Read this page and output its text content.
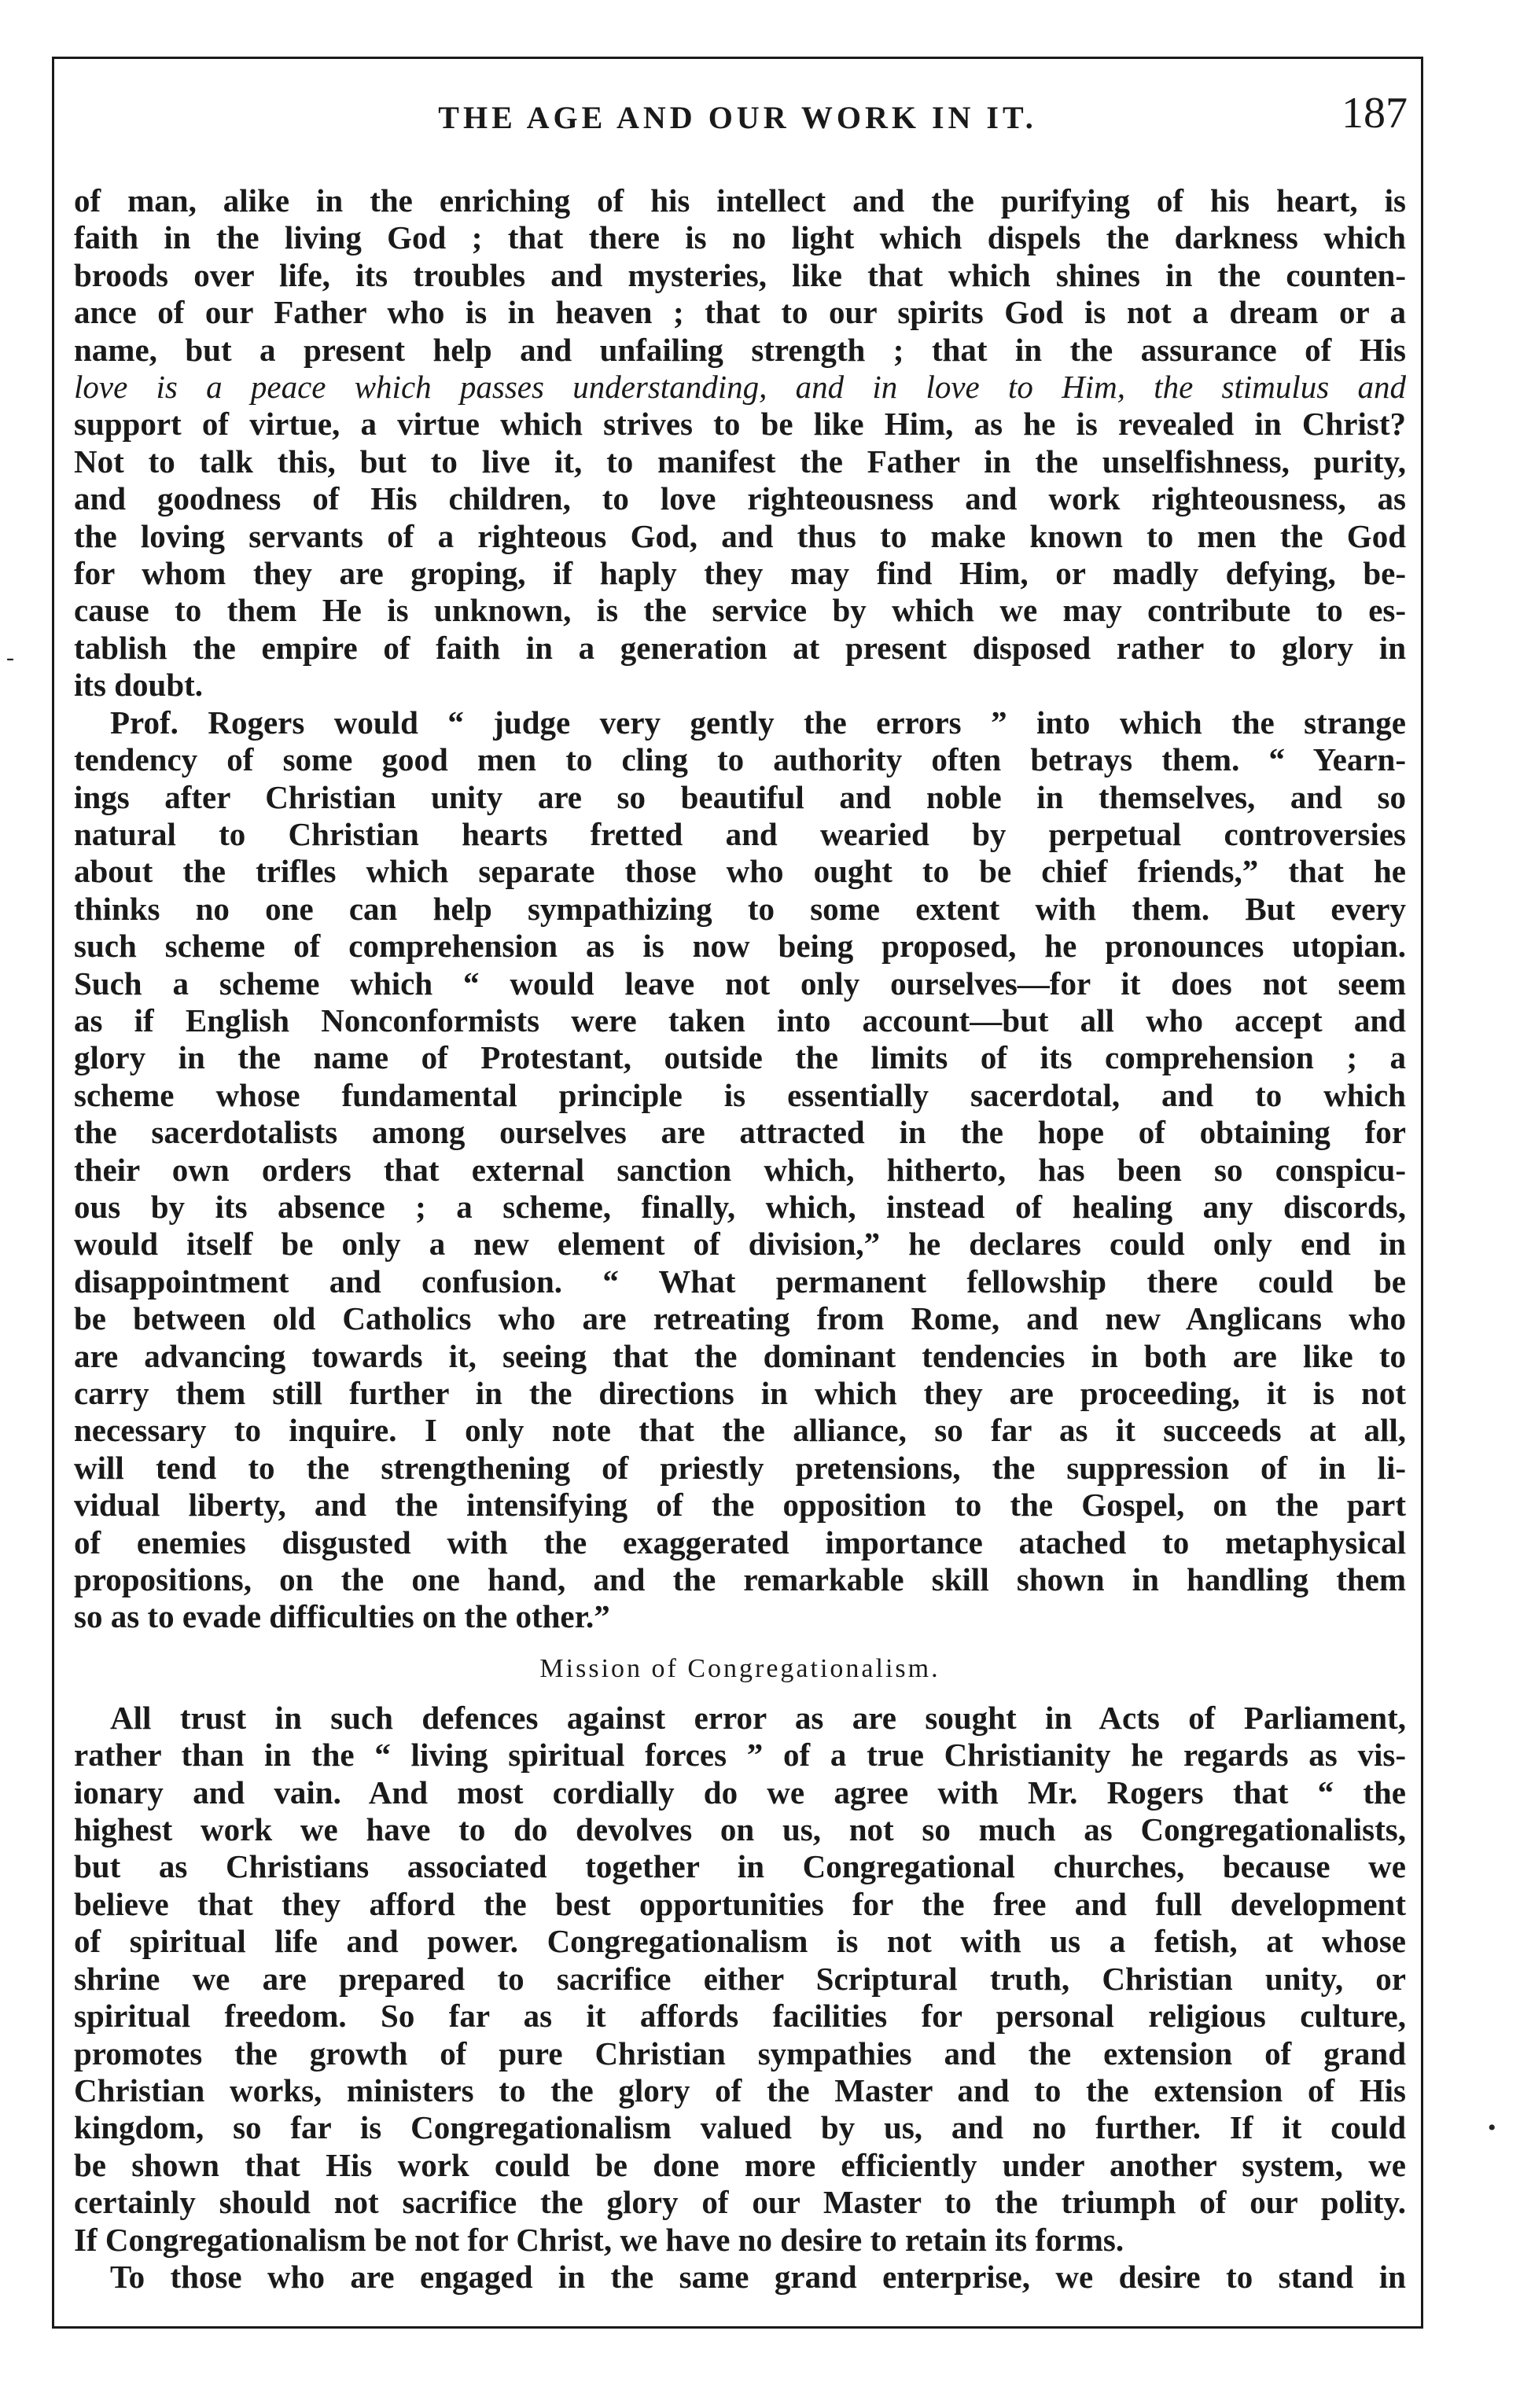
THE AGE AND OUR WORK IN IT.	187
-
•
of man, alike in the enriching of his intellect and the purifying of his heart, is
faith in the living God ; that there is no light which dispels the darkness which
broods over life, its troubles and mysteries, like that which shines in the counten-
ance of our Father who is in heaven ; that to our spirits God is not a dream or a
name, but a present help and unfailing strength ; that in the assurance of His
love is a peace which passes understanding, and in love to Him, the stimulus and
support of virtue, a virtue which strives to be like Him, as he is revealed in Christ?
Not to talk this, but to live it, to manifest the Father in the unselfishness, purity,
and goodness of His children, to love righteousness and work righteousness, as
the loving servants of a righteous God, and thus to make known to men the God
for whom they are groping, if haply they may find Him, or madly defying, be-
cause to them He is unknown, is the service by which we may contribute to es-
tablish the empire of faith in a generation at present disposed rather to glory in
its doubt.
Prof. Rogers would “ judge very gently the errors ” into which the strange
tendency of some good men to cling to authority often betrays them. “ Yearn-
ings after Christian unity are so beautiful and noble in themselves, and so
natural to Christian hearts fretted and wearied by perpetual controversies
about the trifles which separate those who ought to be chief friends,” that he
thinks no one can help sympathizing to some extent with them. But every
such scheme of comprehension as is now being proposed, he pronounces utopian.
Such a scheme which “ would leave not only ourselves—for it does not seem
as if English Nonconformists were taken into account—but all who accept and
glory in the name of Protestant, outside the limits of its comprehension ; a
scheme whose fundamental principle is essentially sacerdotal, and to which
the sacerdotalists among ourselves are attracted in the hope of obtaining for
their own orders that external sanction which, hitherto, has been so conspicu-
ous by its absence ; a scheme, finally, which, instead of healing any discords,
would itself be only a new element of division,” he declares could only end in
disappointment and confusion. “ What permanent fellowship there could be
be between old Catholics who are retreating from Rome, and new Anglicans who
are advancing towards it, seeing that the dominant tendencies in both are like to
carry them still further in the directions in which they are proceeding, it is not
necessary to inquire. I only note that the alliance, so far as it succeeds at all,
will tend to the strengthening of priestly pretensions, the suppression of in li-
vidual liberty, and the intensifying of the opposition to the Gospel, on the part
of enemies disgusted with the exaggerated importance atached to metaphysical
propositions, on the one hand, and the remarkable skill shown in handling them
so as to evade difficulties on the other.”
Mission of Congregationalism.
All trust in such defences against error as are sought in Acts of Parliament,
rather than in the “ living spiritual forces ” of a true Christianity he regards as vis-
ionary and vain. And most cordially do we agree with Mr. Rogers that “ the
highest work we have to do devolves on us, not so much as Congregationalists,
but as Christians associated together in Congregational churches, because we
believe that they afford the best opportunities for the free and full development
of spiritual life and power. Congregationalism is not with us a fetish, at whose
shrine we are prepared to sacrifice either Scriptural truth, Christian unity, or
spiritual freedom. So far as it affords facilities for personal religious culture,
promotes the growth of pure Christian sympathies and the extension of grand
Christian works, ministers to the glory of the Master and to the extension of His
kingdom, so far is Congregationalism valued by us, and no further. If it could
be shown that His work could be done more efficiently under another system, we
certainly should not sacrifice the glory of our Master to the triumph of our polity.
If Congregationalism be not for Christ, we have no desire to retain its forms.
To those who are engaged in the same grand enterprise, we desire to stand in
